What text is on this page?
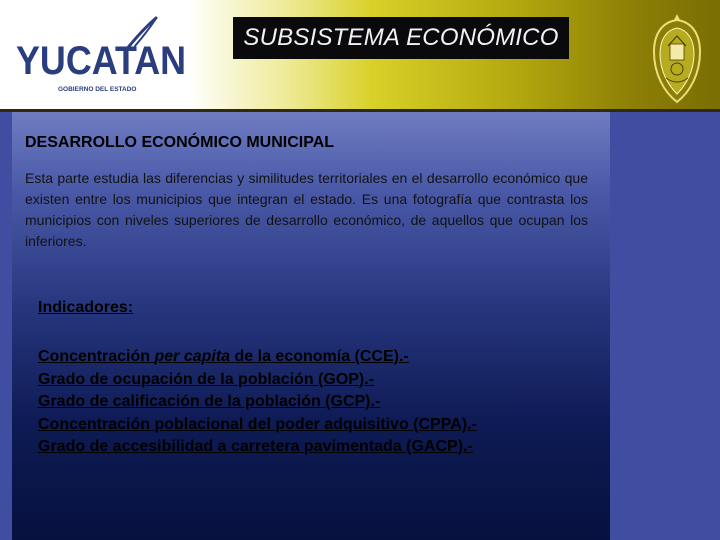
YUCATAN
GOBIERNO DEL ESTADO
SUBSISTEMA ECONÓMICO
DESARROLLO ECONÓMICO MUNICIPAL
Esta parte estudia las diferencias y similitudes territoriales en el desarrollo económico que existen entre los municipios que integran el estado. Es una fotografía que contrasta los municipios con niveles superiores de desarrollo económico, de aquellos que ocupan los inferiores.
Indicadores:
Concentración per capita de la economía (CCE).-
Grado de ocupación de la población (GOP).-
Grado de calificación de la población (GCP).-
Concentración poblacional del poder adquisitivo (CPPA).-
Grado de accesibilidad a carretera pavimentada (GACP).-
